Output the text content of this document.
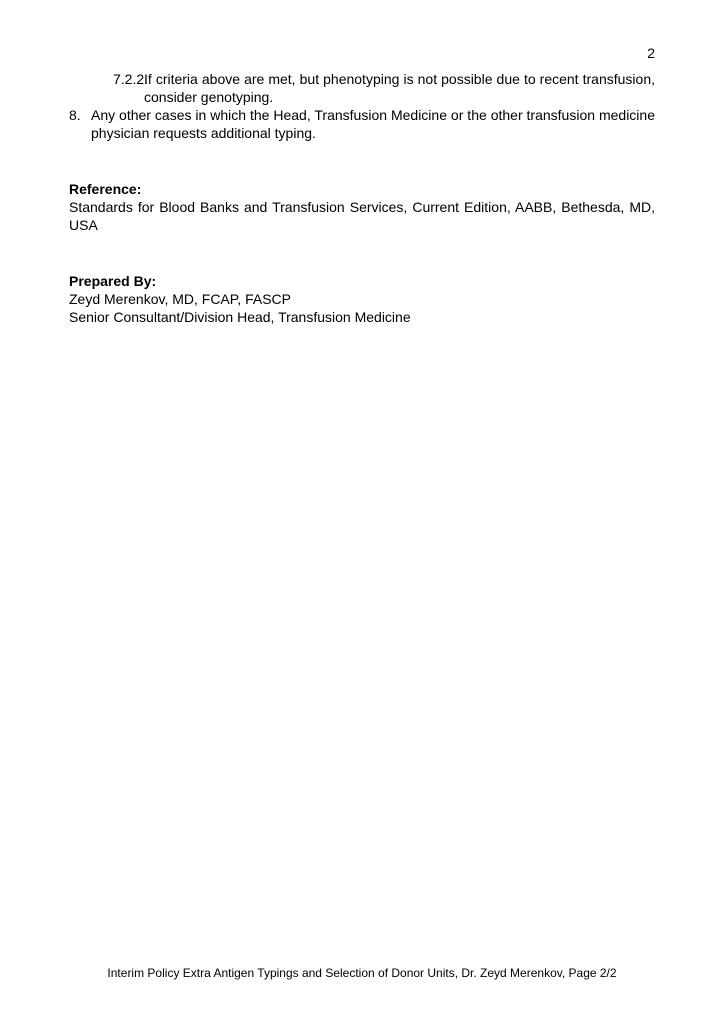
2
7.2.2.
If criteria above are met, but phenotyping is not possible due to recent transfusion, consider genotyping.
8. Any other cases in which the Head, Transfusion Medicine or the other transfusion medicine physician requests additional typing.

Reference:

Standards for Blood Banks and Transfusion Services, Current Edition, AABB, Bethesda, MD, USA

Prepared By:

Zeyd Merenkov, MD, FCAP, FASCP

Senior Consultant/Division Head, Transfusion Medicine

Interim Policy Extra Antigen Typings and Selection of Donor Units, Dr. Zeyd Merenkov, Page 2/2
